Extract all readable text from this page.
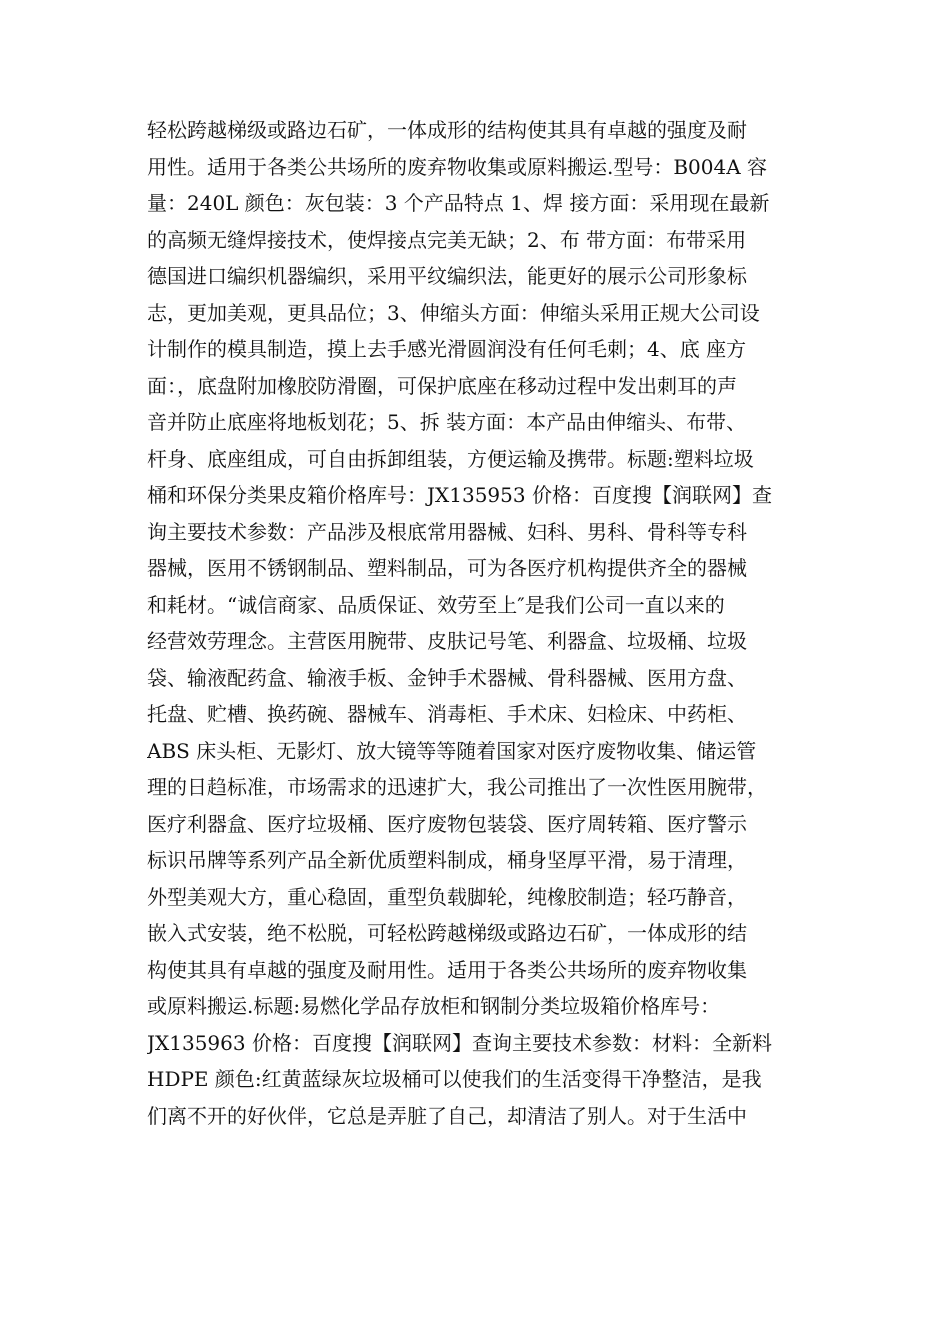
轻松跨越梯级或路边石矿，一体成形的结构使其具有卓越的强度及耐
用性。适用于各类公共场所的废弃物收集或原料搬运.型号：B004A 容
量：240L 颜色：灰包装：3 个产品特点 1、焊 接方面：采用现在最新
的高频无缝焊接技术，使焊接点完美无缺；2、布 带方面：布带采用
德国进口编织机器编织，采用平纹编织法，能更好的展示公司形象标
志，更加美观，更具品位；3、伸缩头方面：伸缩头采用正规大公司设
计制作的模具制造，摸上去手感光滑圆润没有任何毛刺；4、底 座方
面：，底盘附加橡胶防滑圈，可保护底座在移动过程中发出刺耳的声
音并防止底座将地板划花；5、拆 装方面：本产品由伸缩头、布带、
杆身、底座组成，可自由拆卸组装，方便运输及携带。标题:塑料垃圾
桶和环保分类果皮箱价格库号：JX135953 价格：百度搜【润联网】查
询主要技术参数：产品涉及根底常用器械、妇科、男科、骨科等专科
器械，医用不锈钢制品、塑料制品，可为各医疗机构提供齐全的器械
和耗材。“诚信商家、品质保证、效劳至上″是我们公司一直以来的
经营效劳理念。主营医用腕带、皮肤记号笔、利器盒、垃圾桶、垃圾
袋、输液配药盒、输液手板、金钟手术器械、骨科器械、医用方盘、
托盘、贮槽、换药碗、器械车、消毒柜、手术床、妇检床、中药柜、
ABS 床头柜、无影灯、放大镜等等随着国家对医疗废物收集、储运管
理的日趋标准，市场需求的迅速扩大，我公司推出了一次性医用腕带，
医疗利器盒、医疗垃圾桶、医疗废物包装袋、医疗周转箱、医疗警示
标识吊牌等系列产品全新优质塑料制成，桶身坚厚平滑，易于清理，
外型美观大方，重心稳固，重型负载脚轮，纯橡胶制造；轻巧静音，
嵌入式安装，绝不松脱，可轻松跨越梯级或路边石矿，一体成形的结
构使其具有卓越的强度及耐用性。适用于各类公共场所的废弃物收集
或原料搬运.标题:易燃化学品存放柜和钢制分类垃圾箱价格库号：
JX135963 价格：百度搜【润联网】查询主要技术参数：材料：全新料
HDPE 颜色:红黄蓝绿灰垃圾桶可以使我们的生活变得干净整洁，是我
们离不开的好伙伴，它总是弄脏了自己，却清洁了别人。对于生活中
